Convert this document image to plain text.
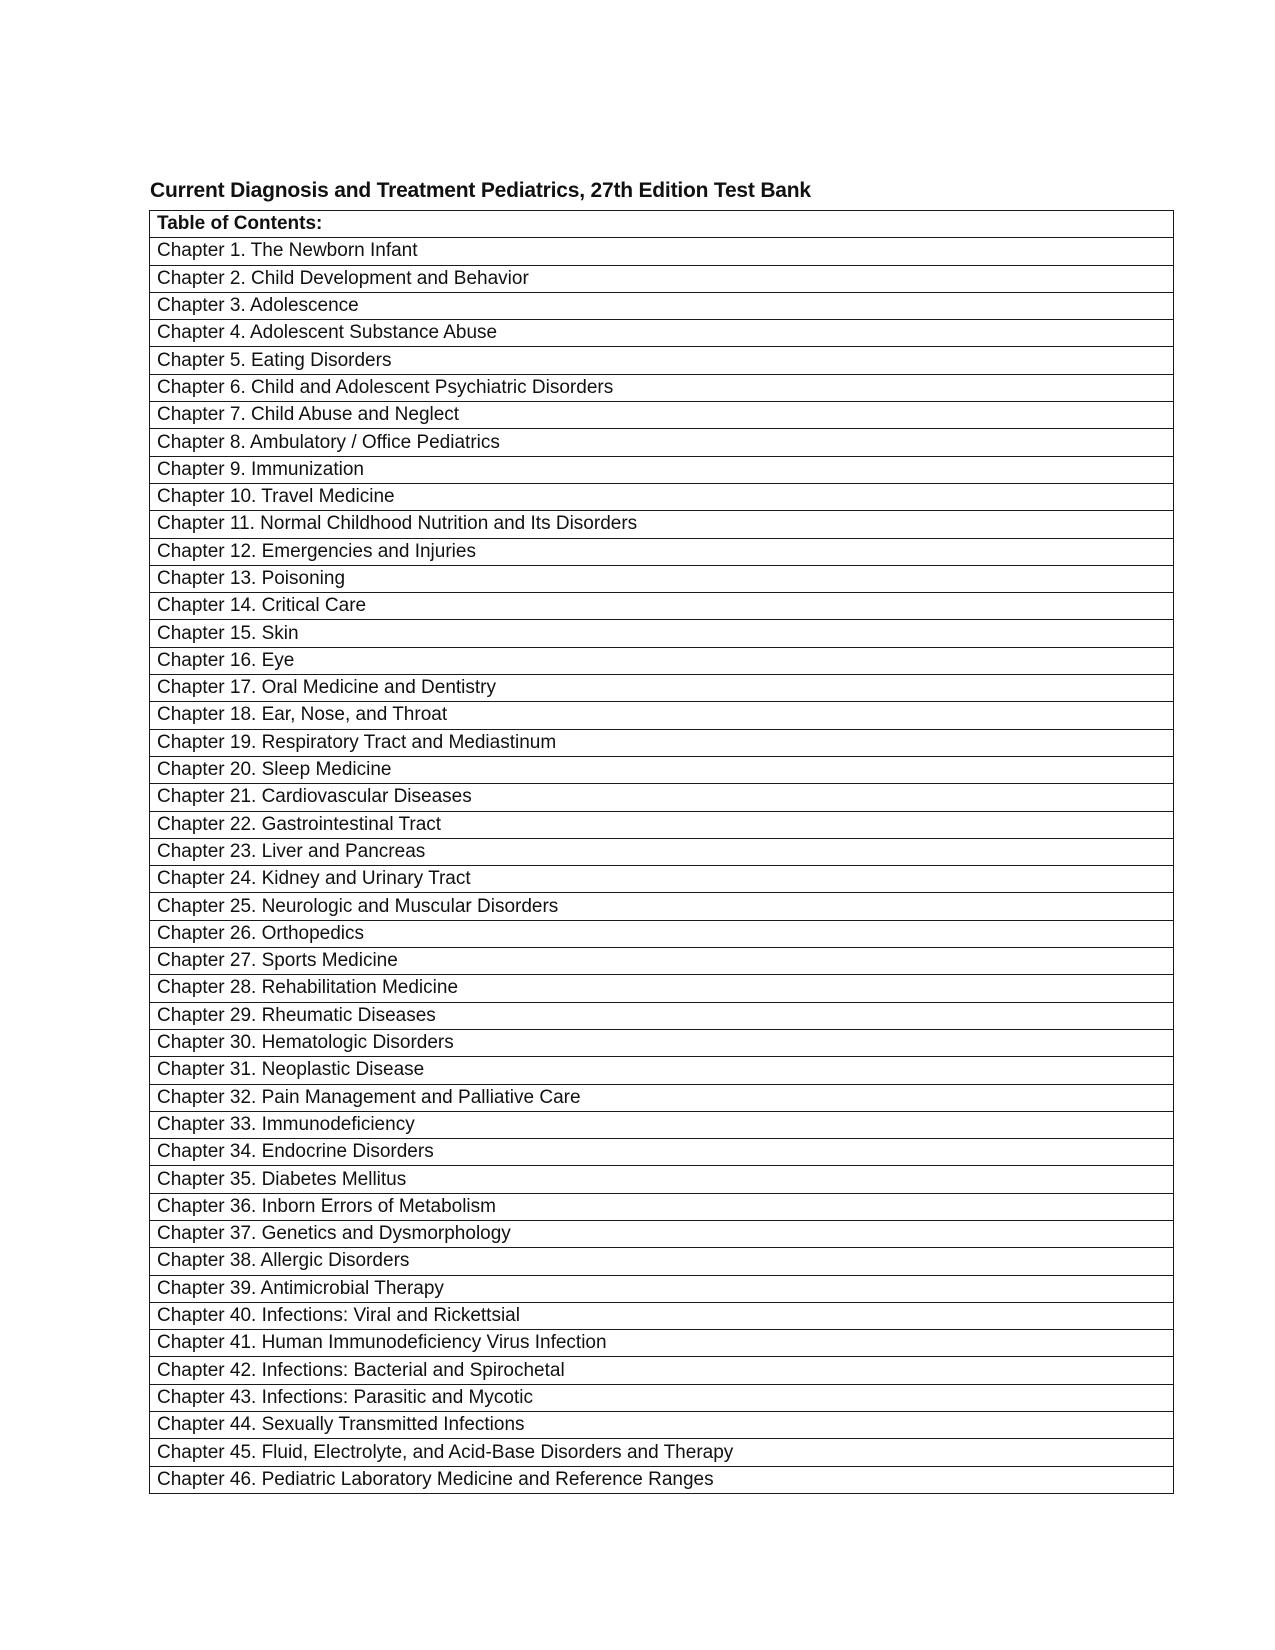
Current Diagnosis and Treatment Pediatrics, 27th Edition Test Bank
Table of Contents:
Chapter 1. The Newborn Infant
Chapter 2. Child Development and Behavior
Chapter 3. Adolescence
Chapter 4. Adolescent Substance Abuse
Chapter 5. Eating Disorders
Chapter 6. Child and Adolescent Psychiatric Disorders
Chapter 7. Child Abuse and Neglect
Chapter 8. Ambulatory / Office Pediatrics
Chapter 9. Immunization
Chapter 10. Travel Medicine
Chapter 11. Normal Childhood Nutrition and Its Disorders
Chapter 12. Emergencies and Injuries
Chapter 13. Poisoning
Chapter 14. Critical Care
Chapter 15. Skin
Chapter 16. Eye
Chapter 17. Oral Medicine and Dentistry
Chapter 18. Ear, Nose, and Throat
Chapter 19. Respiratory Tract and Mediastinum
Chapter 20. Sleep Medicine
Chapter 21. Cardiovascular Diseases
Chapter 22. Gastrointestinal Tract
Chapter 23. Liver and Pancreas
Chapter 24. Kidney and Urinary Tract
Chapter 25. Neurologic and Muscular Disorders
Chapter 26. Orthopedics
Chapter 27. Sports Medicine
Chapter 28. Rehabilitation Medicine
Chapter 29. Rheumatic Diseases
Chapter 30. Hematologic Disorders
Chapter 31. Neoplastic Disease
Chapter 32. Pain Management and Palliative Care
Chapter 33. Immunodeficiency
Chapter 34. Endocrine Disorders
Chapter 35. Diabetes Mellitus
Chapter 36. Inborn Errors of Metabolism
Chapter 37. Genetics and Dysmorphology
Chapter 38. Allergic Disorders
Chapter 39. Antimicrobial Therapy
Chapter 40. Infections: Viral and Rickettsial
Chapter 41. Human Immunodeficiency Virus Infection
Chapter 42. Infections: Bacterial and Spirochetal
Chapter 43. Infections: Parasitic and Mycotic
Chapter 44. Sexually Transmitted Infections
Chapter 45. Fluid, Electrolyte, and Acid-Base Disorders and Therapy
Chapter 46. Pediatric Laboratory Medicine and Reference Ranges
